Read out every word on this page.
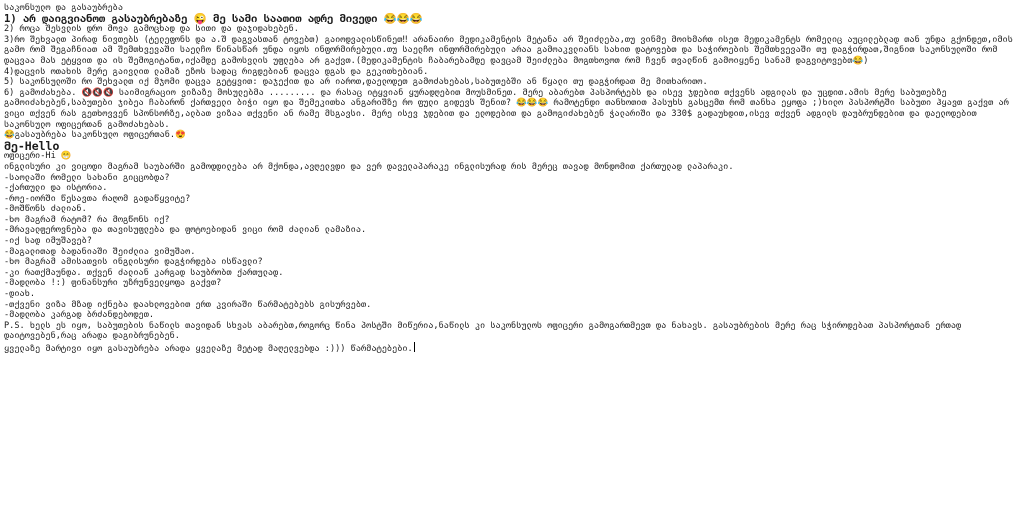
საკონსულო და გასაუბრება
1) არ დაიგვიანოთ გასაუბრებაზე 😜 მე სამი საათით ადრე მივედი 😂😂😂
2) როცა შესვლის დრო მოვა გამოცხად და სითი და დაჯიდახებენ.
3)რო შეხვალთ პირად ნივთებს (ტელეფონს და ა.შ დაგვასთან ტოვებთ) გაიოდვალისწინეთ‼ არანაირი მედიკამენტის მეტანა არ შეიძლება,თუ ვინმე მოიხმართ ისეთ მედიკამენტს რომელიც აუცილებლად თან უნდა გქონდეთ,იმის გამო რომ შეგაჩნიათ ამ შემთხვევაში საელჩო წინასწარ უნდა იყოს ინფორმირებული.თუ საელჩო ინფორმირებული არაა გამოაკვლიანს სახით დატოვებთ და საჭიროების შემთხვევაში თუ დაგჭირდათ,შიგნით საკონსულოში რომ დაცვაა მას ეტყვით და ის შემოგიტანთ,იქამდე გამოსვლის უფლება არ გაქვთ.(მედიკამენტის ჩაბარებამდე დავცამ შეიძლება მოგთხოვოთ რომ ჩვენ თვალწინ გამოიყენე სანამ დაგვიტოვებთ😂)
4)დაცვის ოთახის მერე გაივლით ლამაზ ეზოს სადაც რიგდებიან დაცვა დგას და გეკითხებიან.
5) საკონსულოში რო შეხვალთ იქ მჯომი დაცვა გეტყვით: დაჯექით და არ იაროთ,დაელოდეთ გამოძახებას,საბუთებში ან წყალი თუ დაგჭირდათ მე მითხარითო.
6) გამოძახება. 🔇🔇🔇 საიმიგრაციო ვიზაზე მოსულებმა ......... და რასაც იტყვიან ყურადღებით მოუსმინეთ. მერე აბარებთ პასპორტებს და ისევ ჯდებით თქვენს ადგილას და უცდით.ამის მერე საბუთებზე გამოიძახებენ,საბუთები ჯიბეა ჩაბარონ ქართველი ბიჭი იყო და შემეკითხა ანგარიშზე რო ფული გიდევს შენით? 😂😂😂 რამოტენდი თანხოთით პასუხს გასცემთ რომ თანხა ეყოფა ;)ხილო პასპორტში საბუთი ჰყავთ გაქვთ არ ვიცი თქვენ რას გეთხოვვენ სპონსორზე,ალბათ ვიზაა თქვენი ან რამე მსგავსი. მერე ისევ ჯდებით და ელოდებით და გამოგიძახებენ ჭალარიში და 330$ გადაუხდით,ისევ თქვენ ადგილს დაუბრუნდებით და დაელოდებით საკონსულო ოფიცერთან გამოძახებას.
😂გასაუბრება საკონსულო ოფიცერთან.😍
მე-Hello
ოფიცერი-Hi 😁
ინგლისური კი ვიცოდი მაგრამ საუბარში გამოდდილება არ მქონდა,ავღელვდი და ვერ დაველაპარაკე ინგლისურად რის მერეც თავად მონდომით ქართულად ლაპარაკი.
-საოლაში რომელი სახანი გიცცობდა?
-ქართული და ისტორია.
-როე-იორში წესავთა რაღომ გადაწყვიტე?
-მოშწონს ძალიან.
-ხო მაგრამ რატომ? რა მოგწონს იქ?
-მრავალფეროვნება და თავისუფლება და ფოტოებიდან ვიცი რომ ძალიან ლამაზია.
-იქ სად იმუშავებ?
-მაგალითად ბადანიაში შეიძლია ვიმუშაო.
-ხო მაგრამ ამისათვის ინგლისური დაგჭირდება ისწავლი?
-კი რათქმაუნდა. თქვენ ძალიან კარგად საუბრობთ ქართულად.
-მადლობა !:) ფინანსური უზრუნველყოფა გაქვთ?
-დიახ.
-თქვენი ვიზა მზად იქნება დაახლოვებით ერთ კვირაში წარმატებებს გისურვებთ.
-მადლობა კარგად ბრძანდებოდეთ.
P.S. ხელს ეს იყო, საბუთების ნაწილს თავიდან სხვას აბარებთ,როგორც წინა პოსტში მიწერია,ნაწილს კი საკონსულოს ოფიცერი გამოგართმევთ და ნახავს. გასაუბრების მერე რაც სჭიროდებათ პასპორტთან ერთად დაიტოვებენ,რაც არადა დაგიბრუნებენ.
ყველაზე მარტივი იყო გასაუბრება არადა ყველაზე მეტად მაღელვებდა :))) წარმატებები.
